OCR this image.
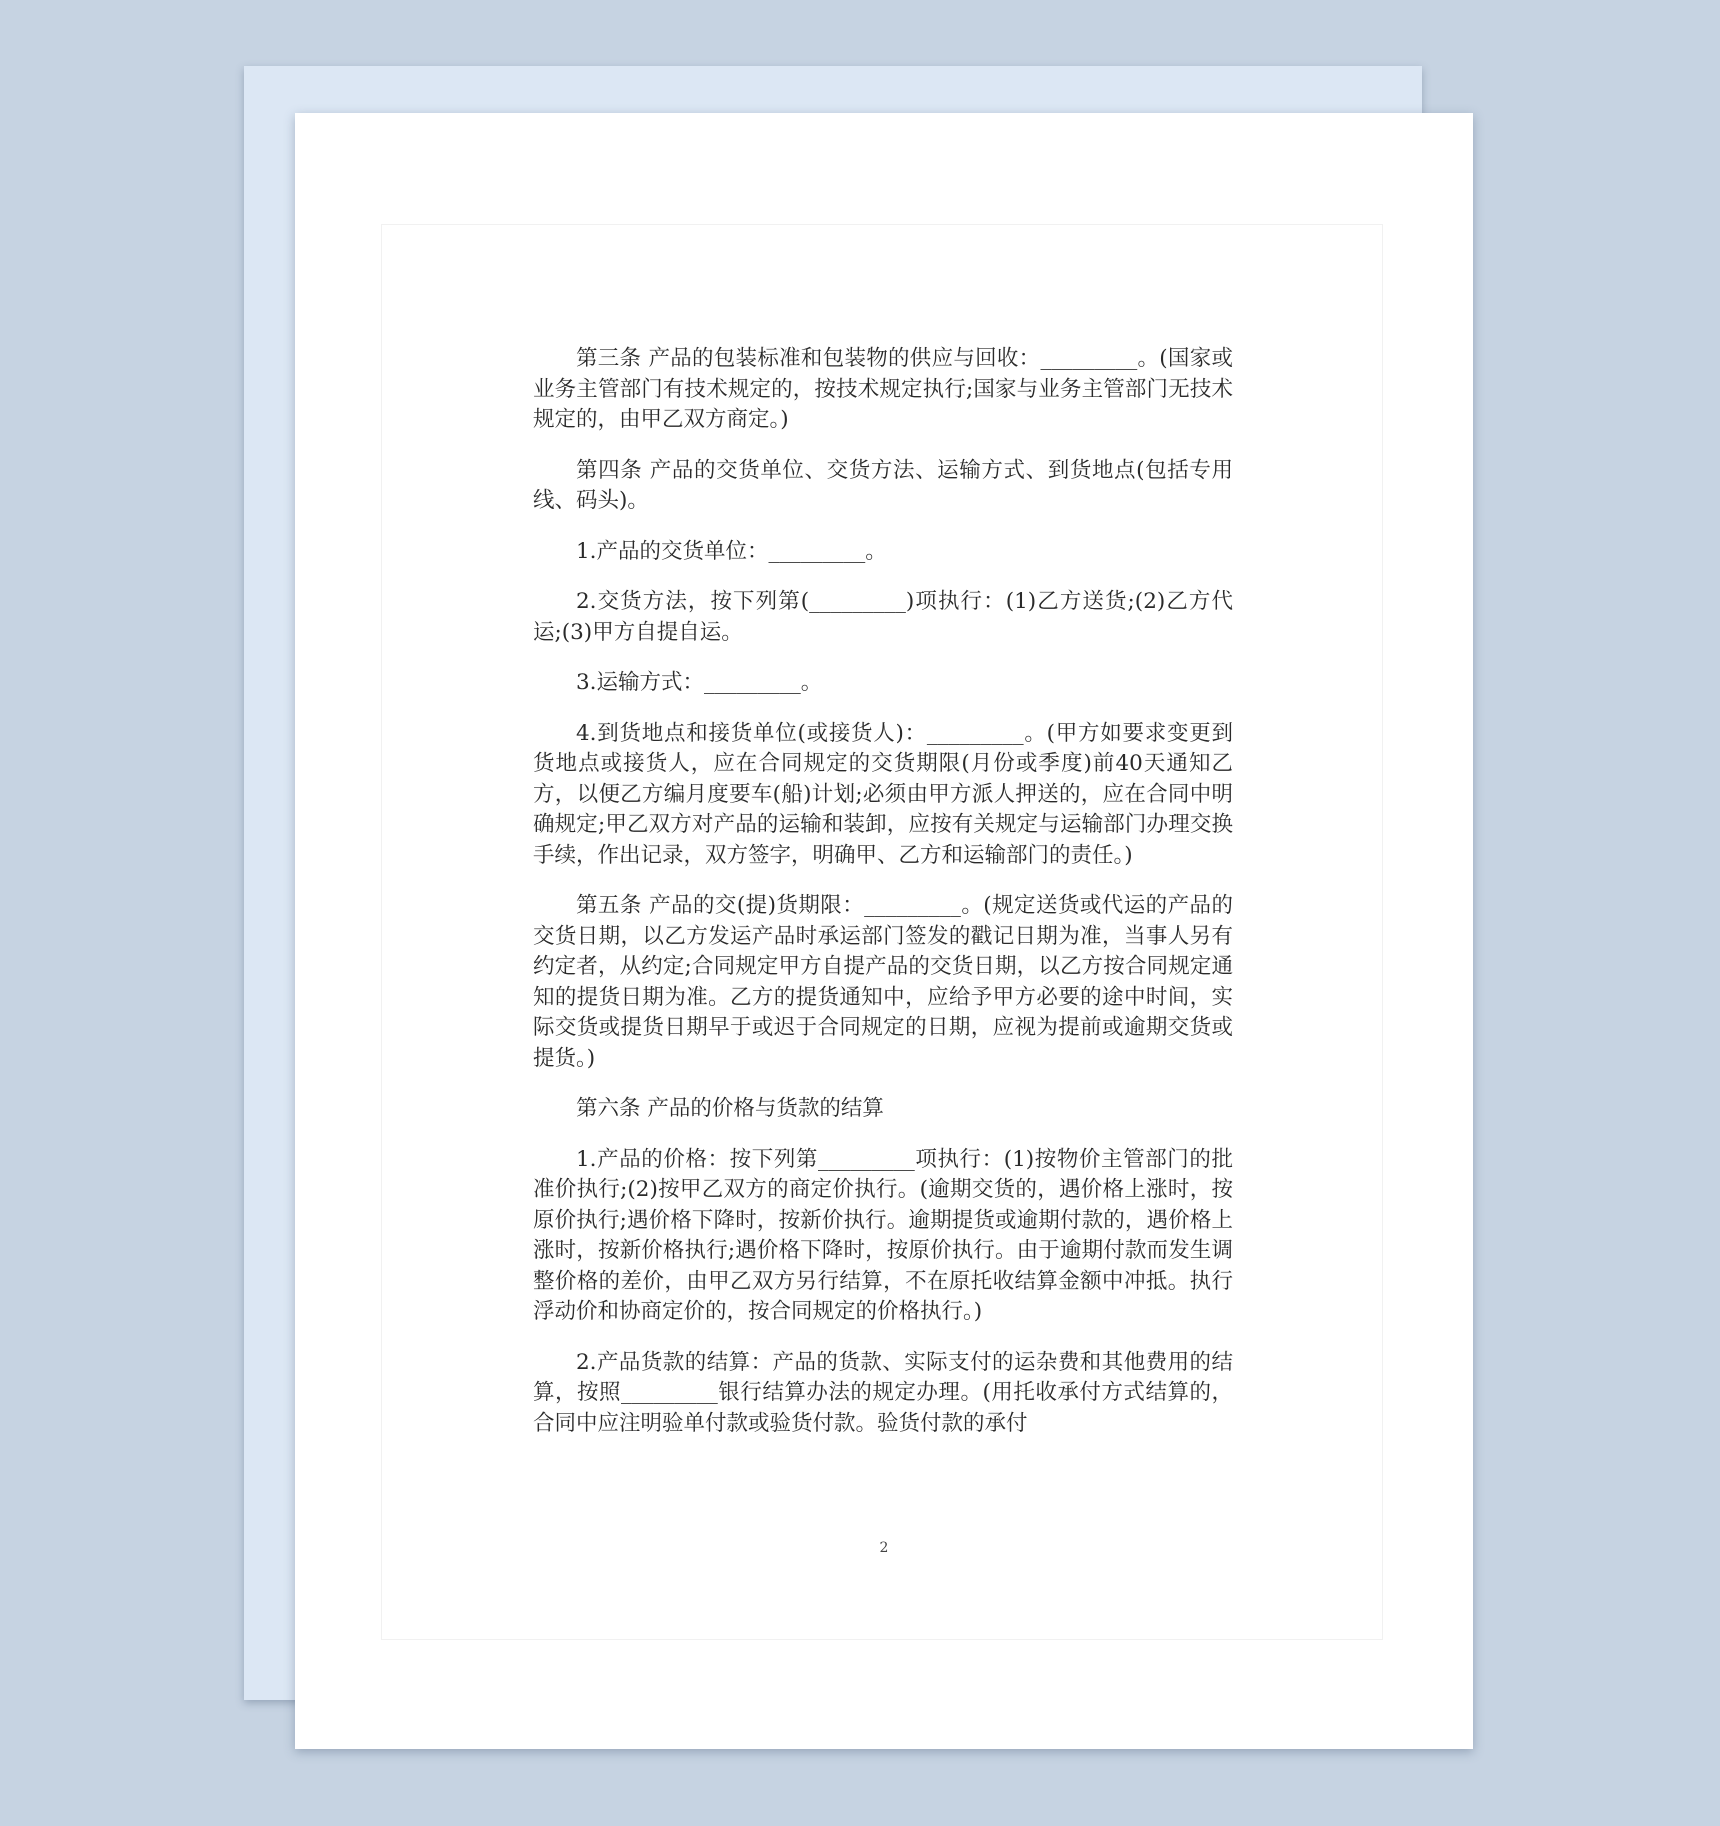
第三条 产品的包装标准和包装物的供应与回收：_________。(国家或业务主管部门有技术规定的，按技术规定执行;国家与业务主管部门无技术规定的，由甲乙双方商定。)

第四条 产品的交货单位、交货方法、运输方式、到货地点(包括专用线、码头)。

1.产品的交货单位：_________。

2.交货方法，按下列第(_________)项执行：(1)乙方送货;(2)乙方代运;(3)甲方自提自运。

3.运输方式：_________。

4.到货地点和接货单位(或接货人)：_________。(甲方如要求变更到货地点或接货人，应在合同规定的交货期限(月份或季度)前40天通知乙方，以便乙方编月度要车(船)计划;必须由甲方派人押送的，应在合同中明确规定;甲乙双方对产品的运输和装卸，应按有关规定与运输部门办理交换手续，作出记录，双方签字，明确甲、乙方和运输部门的责任。)

第五条 产品的交(提)货期限：_________。(规定送货或代运的产品的交货日期，以乙方发运产品时承运部门签发的戳记日期为准，当事人另有约定者，从约定;合同规定甲方自提产品的交货日期，以乙方按合同规定通知的提货日期为准。乙方的提货通知中，应给予甲方必要的途中时间，实际交货或提货日期早于或迟于合同规定的日期，应视为提前或逾期交货或提货。)

第六条 产品的价格与货款的结算

1.产品的价格：按下列第_________项执行：(1)按物价主管部门的批准价执行;(2)按甲乙双方的商定价执行。(逾期交货的，遇价格上涨时，按原价执行;遇价格下降时，按新价执行。逾期提货或逾期付款的，遇价格上涨时，按新价格执行;遇价格下降时，按原价执行。由于逾期付款而发生调整价格的差价，由甲乙双方另行结算，不在原托收结算金额中冲抵。执行浮动价和协商定价的，按合同规定的价格执行。)

2.产品货款的结算：产品的货款、实际支付的运杂费和其他费用的结算，按照_________银行结算办法的规定办理。(用托收承付方式结算的，合同中应注明验单付款或验货付款。验货付款的承付

2
